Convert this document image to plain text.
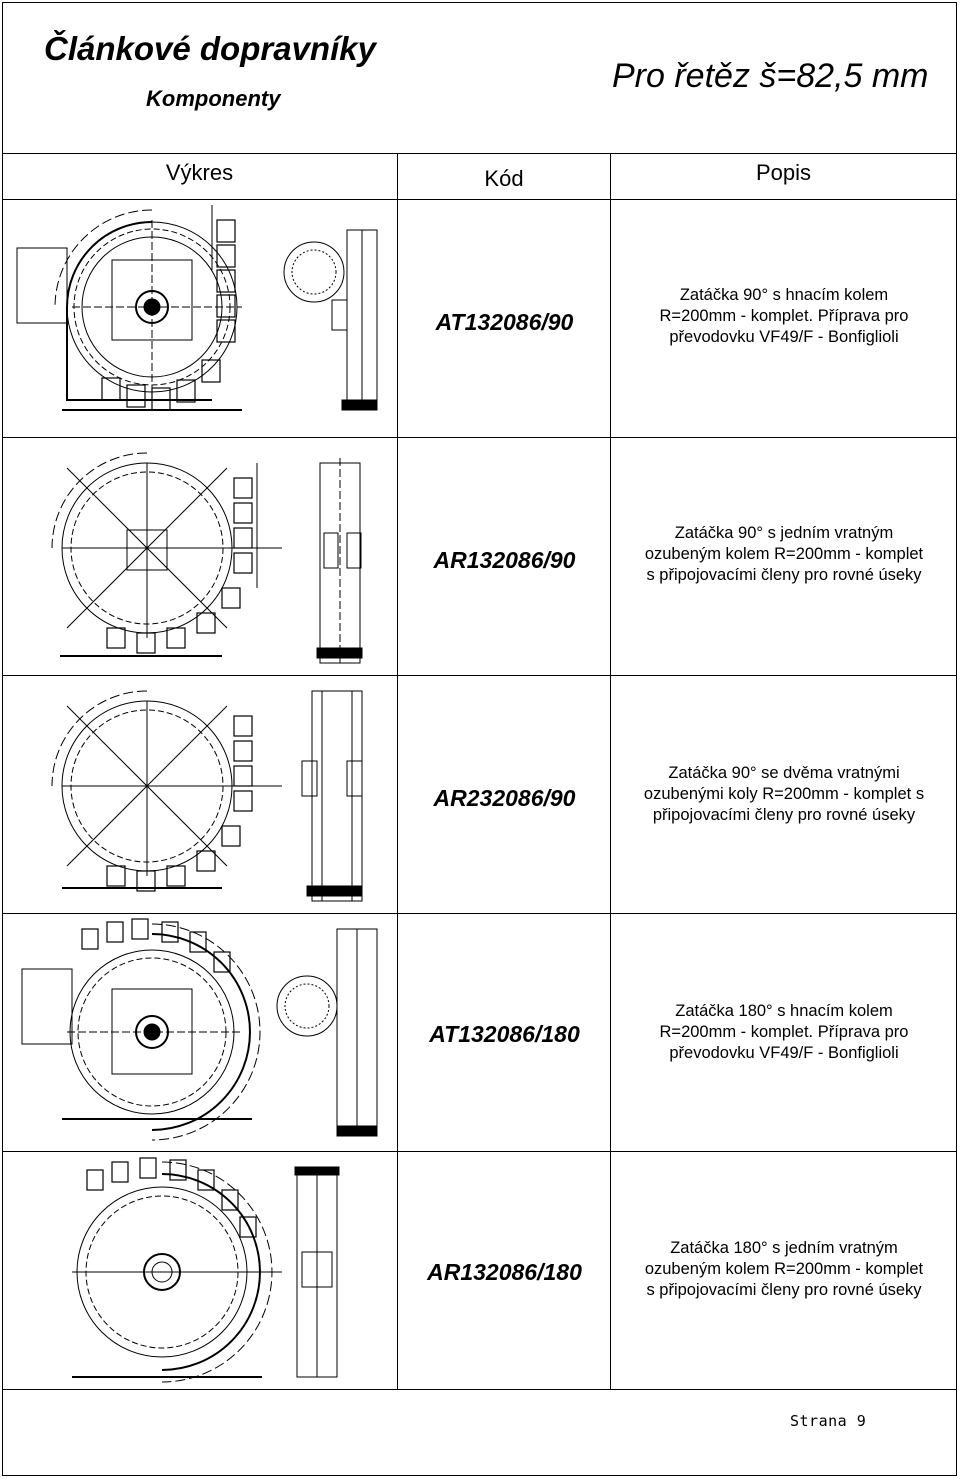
Článkové dopravníky
Komponenty
Pro řetěz š=82,5 mm
Výkres	Kód	Popis
AT132086/90
Zatáčka 90° s hnacím kolem
R=200mm - komplet. Příprava pro
převodovku VF49/F - Bonfiglioli
AR132086/90
Zatáčka 90° s jedním vratným
ozubeným kolem R=200mm - komplet
s připojovacími členy pro rovné úseky
AR232086/90
Zatáčka 90° se dvěma vratnými
ozubenými koly R=200mm - komplet s
připojovacími členy pro rovné úseky
AT132086/180
Zatáčka 180° s hnacím kolem
R=200mm - komplet. Příprava pro
převodovku VF49/F - Bonfiglioli
AR132086/180
Zatáčka 180° s jedním vratným
ozubeným kolem R=200mm - komplet
s připojovacími členy pro rovné úseky
Strana 9
